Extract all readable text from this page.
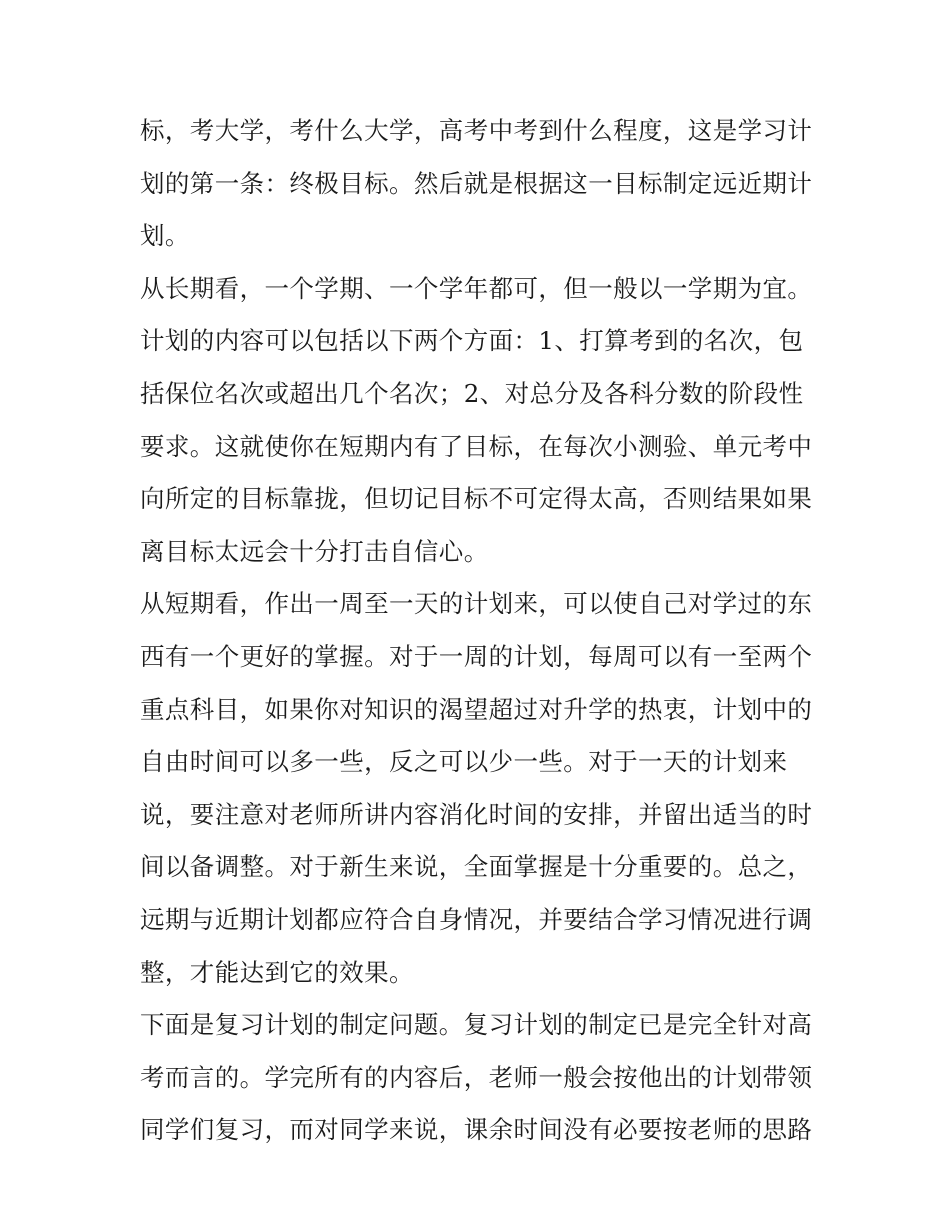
标，考大学，考什么大学，高考中考到什么程度，这是学习计
划的第一条：终极目标。然后就是根据这一目标制定远近期计
划。
从长期看，一个学期、一个学年都可，但一般以一学期为宜。
计划的内容可以包括以下两个方面：1、打算考到的名次，包
括保位名次或超出几个名次；2、对总分及各科分数的阶段性
要求。这就使你在短期内有了目标，在每次小测验、单元考中
向所定的目标靠拢，但切记目标不可定得太高，否则结果如果
离目标太远会十分打击自信心。
从短期看，作出一周至一天的计划来，可以使自己对学过的东
西有一个更好的掌握。对于一周的计划，每周可以有一至两个
重点科目，如果你对知识的渴望超过对升学的热衷，计划中的
自由时间可以多一些，反之可以少一些。对于一天的计划来
说，要注意对老师所讲内容消化时间的安排，并留出适当的时
间以备调整。对于新生来说，全面掌握是十分重要的。总之，
远期与近期计划都应符合自身情况，并要结合学习情况进行调
整，才能达到它的效果。
下面是复习计划的制定问题。复习计划的制定已是完全针对高
考而言的。学完所有的内容后，老师一般会按他出的计划带领
同学们复习，而对同学来说，课余时间没有必要按老师的思路
